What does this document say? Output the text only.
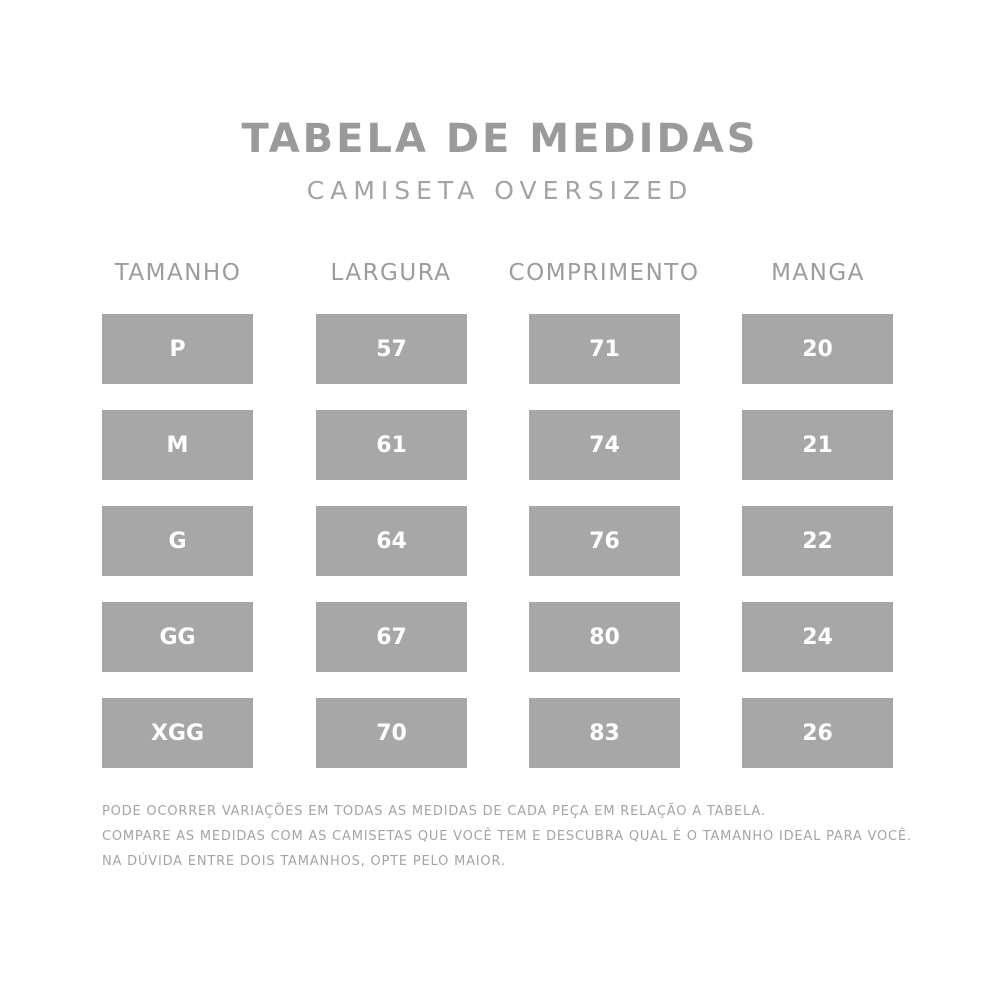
TABELA DE MEDIDAS
CAMISETA OVERSIZED
TAMANHO	LARGURA	COMPRIMENTO	MANGA
P	57	71	20
M	61	74	21
G	64	76	22
GG	67	80	24
XGG	70	83	26
PODE OCORRER VARIAÇÕES EM TODAS AS MEDIDAS DE CADA PEÇA EM RELAÇÃO A TABELA.
COMPARE AS MEDIDAS COM AS CAMISETAS QUE VOCÊ TEM E DESCUBRA QUAL É O TAMANHO IDEAL PARA VOCÊ.
NA DÚVIDA ENTRE DOIS TAMANHOS, OPTE PELO MAIOR.
